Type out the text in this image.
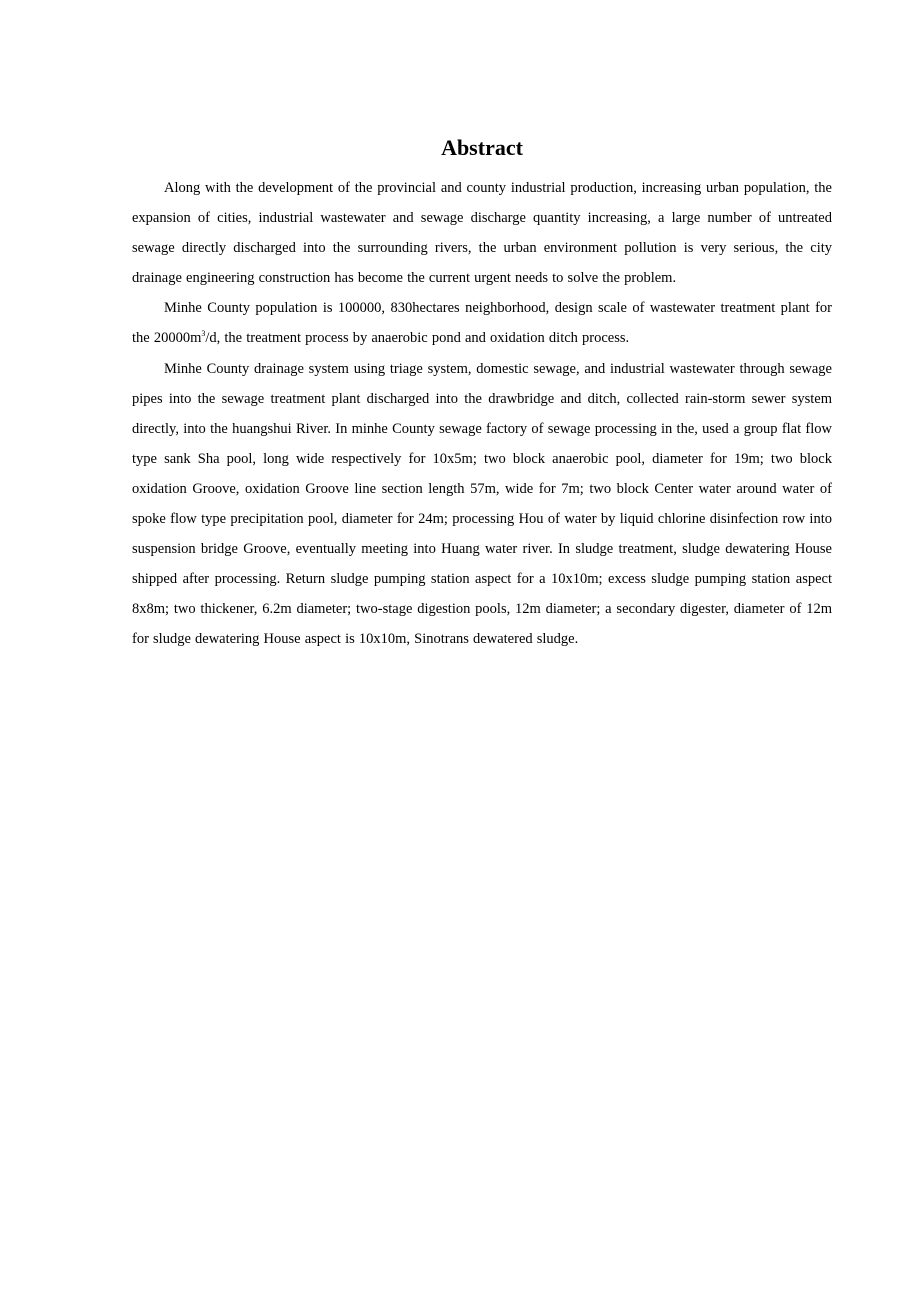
Abstract

Along with the development of the provincial and county industrial production, increasing urban population, the expansion of cities, industrial wastewater and sewage discharge quantity increasing, a large number of untreated sewage directly discharged into the surrounding rivers, the urban environment pollution is very serious, the city drainage engineering construction has become the current urgent needs to solve the problem.

Minhe County population is 100000, 830hectares neighborhood, design scale of wastewater treatment plant for the $20000m^3/d$, the treatment process by anaerobic pond and oxidation ditch process.

Minhe County drainage system using triage system, domestic sewage, and industrial wastewater through sewage pipes into the sewage treatment plant discharged into the drawbridge and ditch, collected rain-storm sewer system directly, into the huangshui River. In minhe County sewage factory of sewage processing in the, used a group flat flow type sank Sha pool, long wide respectively for 10x5m; two block anaerobic pool, diameter for 19m; two block oxidation Groove, oxidation Groove line section length 57m, wide for 7m; two block Center water around water of spoke flow type precipitation pool, diameter for 24m; processing Hou of water by liquid chlorine disinfection row into suspension bridge Groove, eventually meeting into Huang water river. In sludge treatment, sludge dewatering House shipped after processing. Return sludge pumping station aspect for a 10x10m; excess sludge pumping station aspect 8x8m; two thickener, 6.2m diameter; two-stage digestion pools, 12m diameter; a secondary digester, diameter of 12m for sludge dewatering House aspect is 10x10m, Sinotrans dewatered sludge.
